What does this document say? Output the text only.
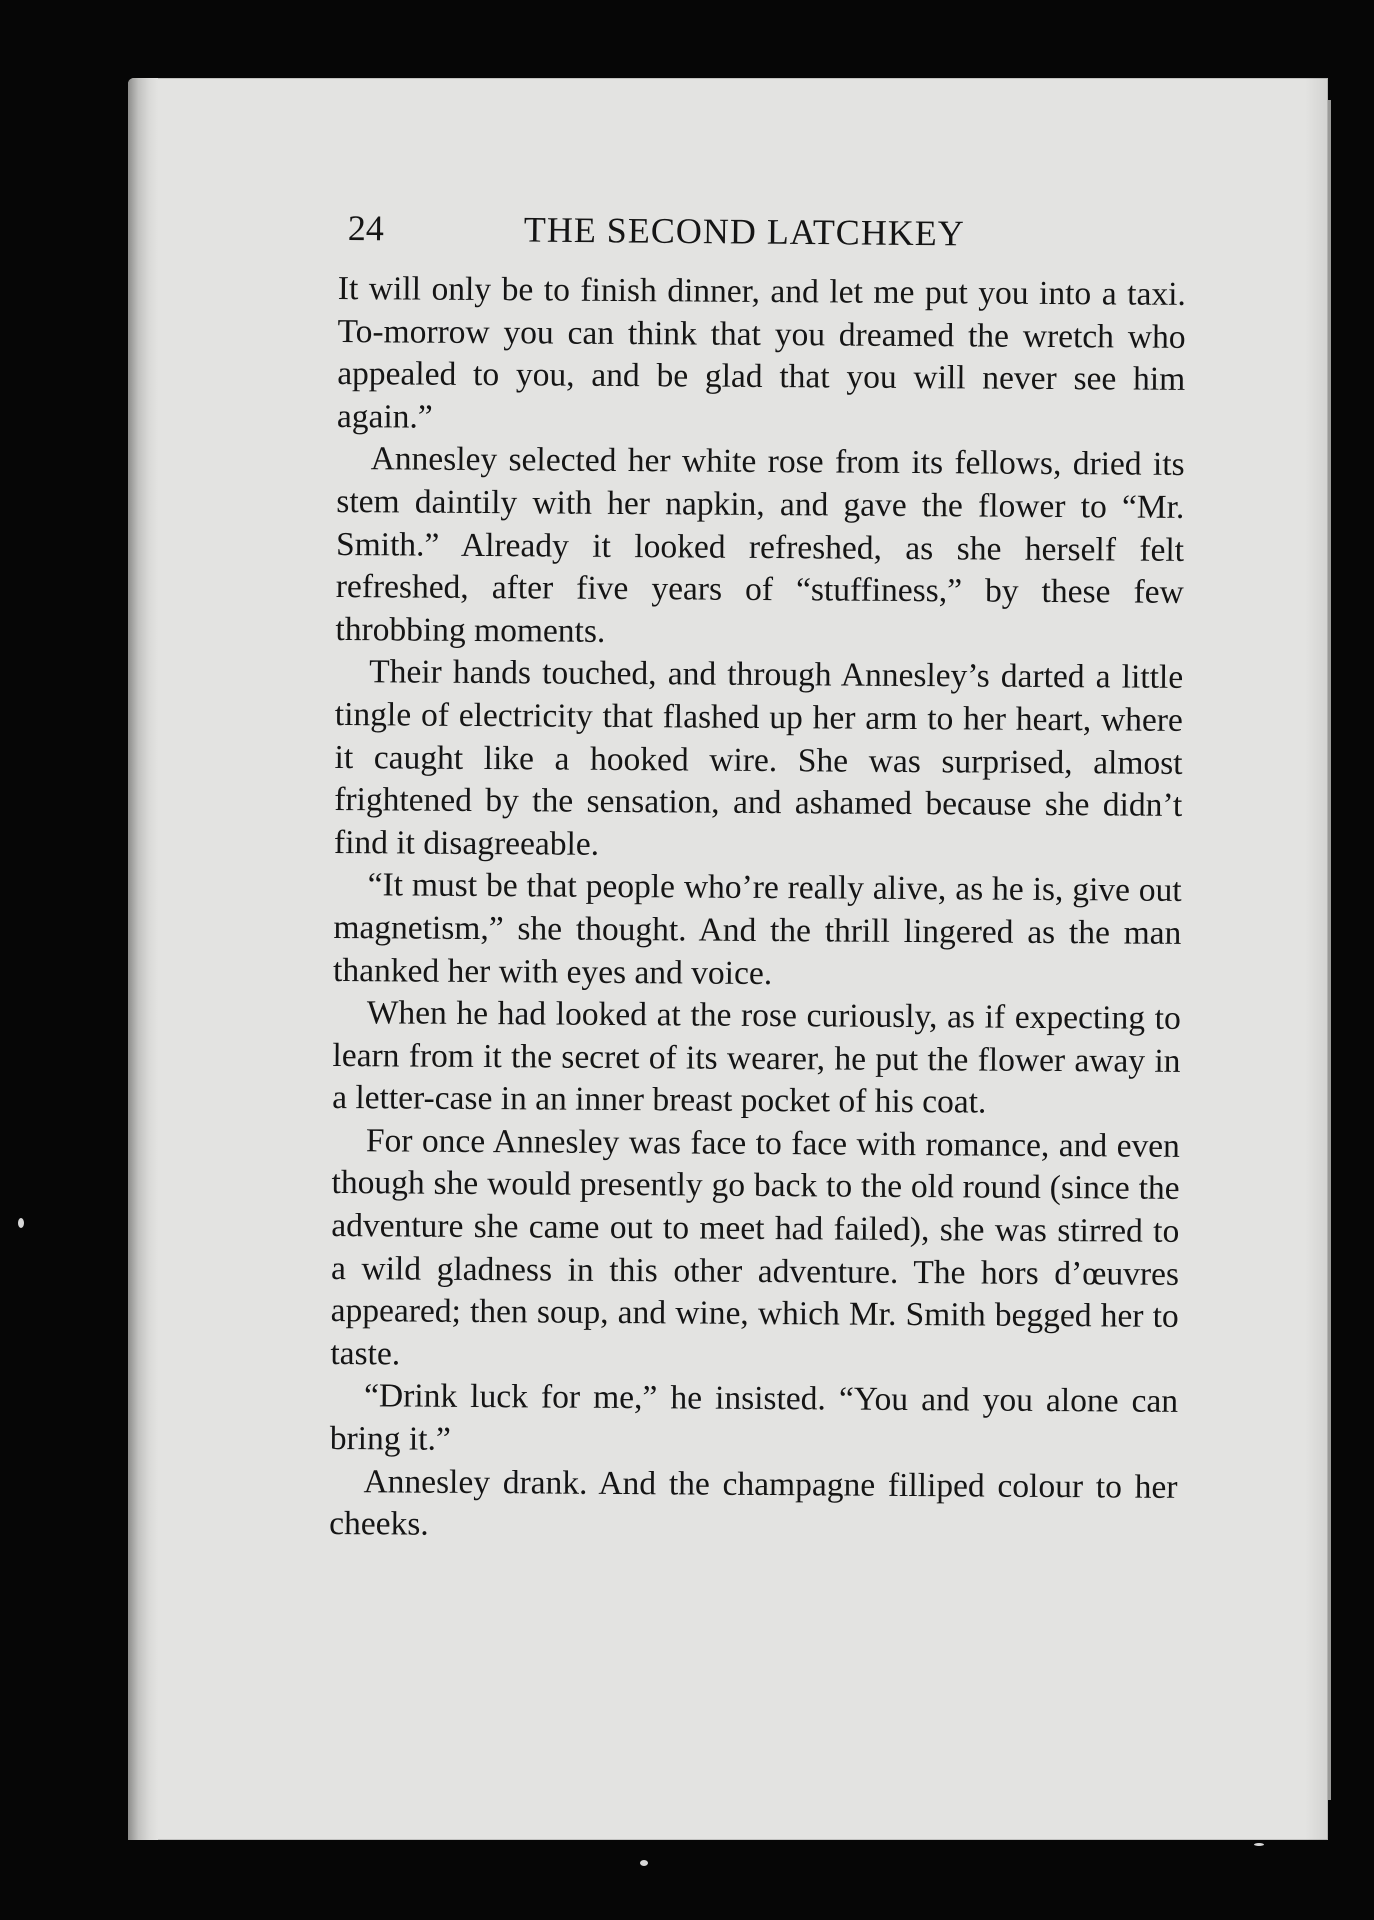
24	THE SECOND LATCHKEY

It will only be to finish dinner, and let me put you into a taxi. To-morrow you can think that you dreamed the wretch who appealed to you, and be glad that you will never see him again.”

Annesley selected her white rose from its fellows, dried its stem daintily with her napkin, and gave the flower to “Mr. Smith.” Already it looked refreshed, as she herself felt refreshed, after five years of “stuffiness,” by these few throbbing moments.

Their hands touched, and through Annesley’s darted a little tingle of electricity that flashed up her arm to her heart, where it caught like a hooked wire. She was surprised, almost frightened by the sensation, and ashamed because she didn’t find it disagreeable.

“It must be that people who’re really alive, as he is, give out magnetism,” she thought. And the thrill lingered as the man thanked her with eyes and voice.

When he had looked at the rose curiously, as if expecting to learn from it the secret of its wearer, he put the flower away in a letter-case in an inner breast pocket of his coat.

For once Annesley was face to face with romance, and even though she would presently go back to the old round (since the adventure she came out to meet had failed), she was stirred to a wild gladness in this other adventure. The hors d’œuvres appeared; then soup, and wine, which Mr. Smith begged her to taste.

“Drink luck for me,” he insisted. “You and you alone can bring it.”

Annesley drank. And the champagne filliped colour to her cheeks.
